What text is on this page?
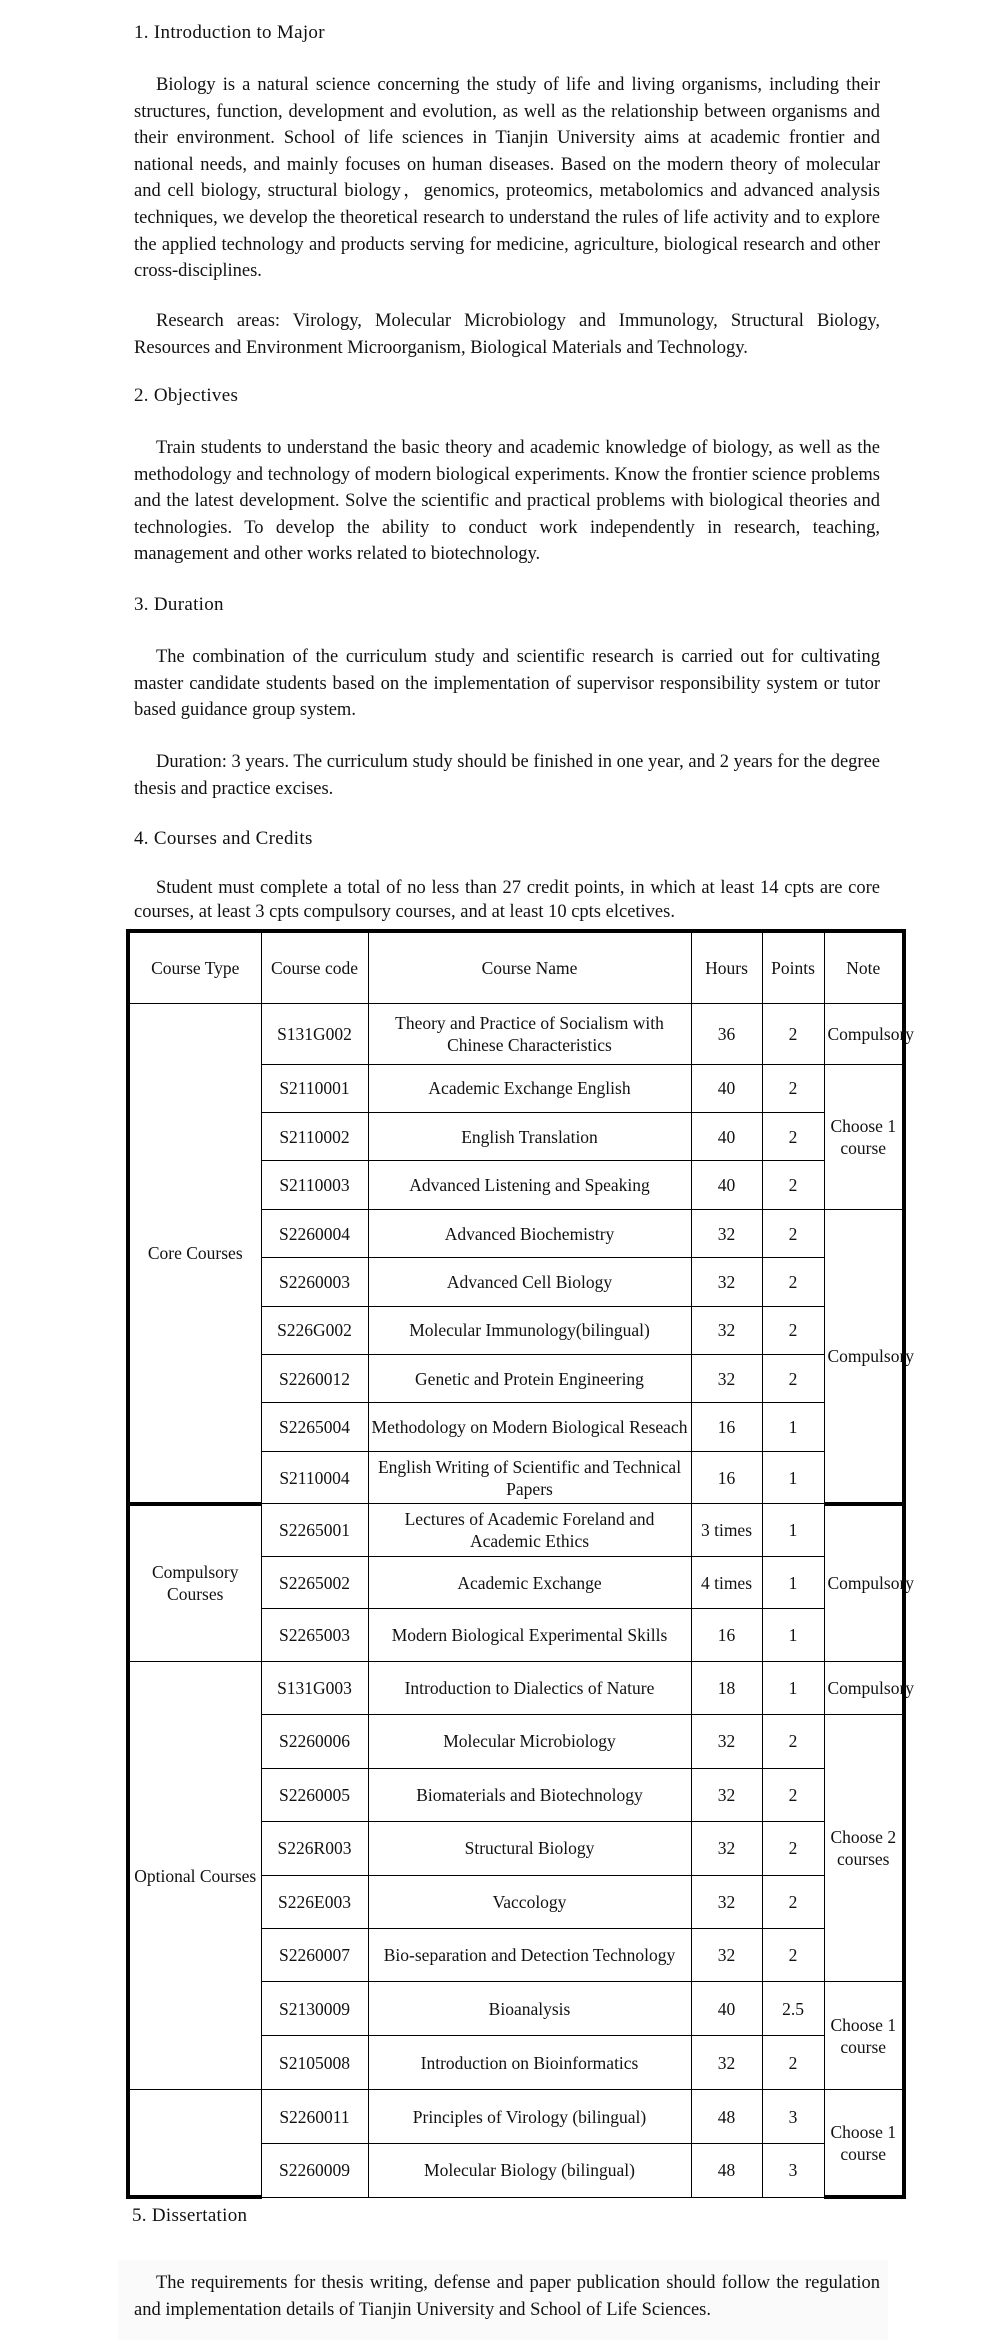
1. Introduction to Major

Biology is a natural science concerning the study of life and living organisms, including their structures, function, development and evolution, as well as the relationship between organisms and their environment. School of life sciences in Tianjin University aims at academic frontier and national needs, and mainly focuses on human diseases. Based on the modern theory of molecular and cell biology, structural biology，genomics, proteomics, metabolomics and advanced analysis techniques, we develop the theoretical research to understand the rules of life activity and to explore the applied technology and products serving for medicine, agriculture, biological research and other cross-disciplines.

Research areas: Virology, Molecular Microbiology and Immunology, Structural Biology, Resources and Environment Microorganism, Biological Materials and Technology.

2. Objectives

Train students to understand the basic theory and academic knowledge of biology, as well as the methodology and technology of modern biological experiments. Know the frontier science problems and the latest development. Solve the scientific and practical problems with biological theories and technologies. To develop the ability to conduct work independently in research, teaching, management and other works related to biotechnology.

3. Duration

The combination of the curriculum study and scientific research is carried out for cultivating master candidate students based on the implementation of supervisor responsibility system or tutor based guidance group system.

Duration: 3 years. The curriculum study should be finished in one year, and 2 years for the degree thesis and practice excises.

4. Courses and Credits

Student must complete a total of no less than 27 credit points, in which at least 14 cpts are core courses, at least 3 cpts compulsory courses, and at least 10 cpts elcetives.

Course Type	Course code	Course Name	Hours	Points	Note
Core Courses	S131G002	Theory and Practice of Socialism with Chinese Characteristics	36	2	Compulsory
	S2110001	Academic Exchange English	40	2	Choose 1 course
	S2110002	English Translation	40	2	
	S2110003	Advanced Listening and Speaking	40	2	
	S2260004	Advanced Biochemistry	32	2	Compulsory
	S2260003	Advanced Cell Biology	32	2	
	S226G002	Molecular Immunology(bilingual)	32	2	
	S2260012	Genetic and Protein Engineering	32	2	
	S2265004	Methodology on Modern Biological Reseach	16	1	
	S2110004	English Writing of Scientific and Technical Papers	16	1	
Compulsory Courses	S2265001	Lectures of Academic Foreland and Academic Ethics	3 times	1	Compulsory
	S2265002	Academic Exchange	4 times	1	
	S2265003	Modern Biological Experimental Skills	16	1	
Optional Courses	S131G003	Introduction to Dialectics of Nature	18	1	Compulsory
	S2260006	Molecular Microbiology	32	2	Choose 2 courses
	S2260005	Biomaterials and Biotechnology	32	2	
	S226R003	Structural Biology	32	2	
	S226E003	Vaccology	32	2	
	S2260007	Bio-separation and Detection Technology	32	2	
	S2130009	Bioanalysis	40	2.5	Choose 1 course
	S2105008	Introduction on Bioinformatics	32	2	
	S2260011	Principles of Virology (bilingual)	48	3	Choose 1 course
	S2260009	Molecular Biology (bilingual)	48	3	
5. Dissertation

The requirements for thesis writing, defense and paper publication should follow the regulation and implementation details of Tianjin University and School of Life Sciences.
